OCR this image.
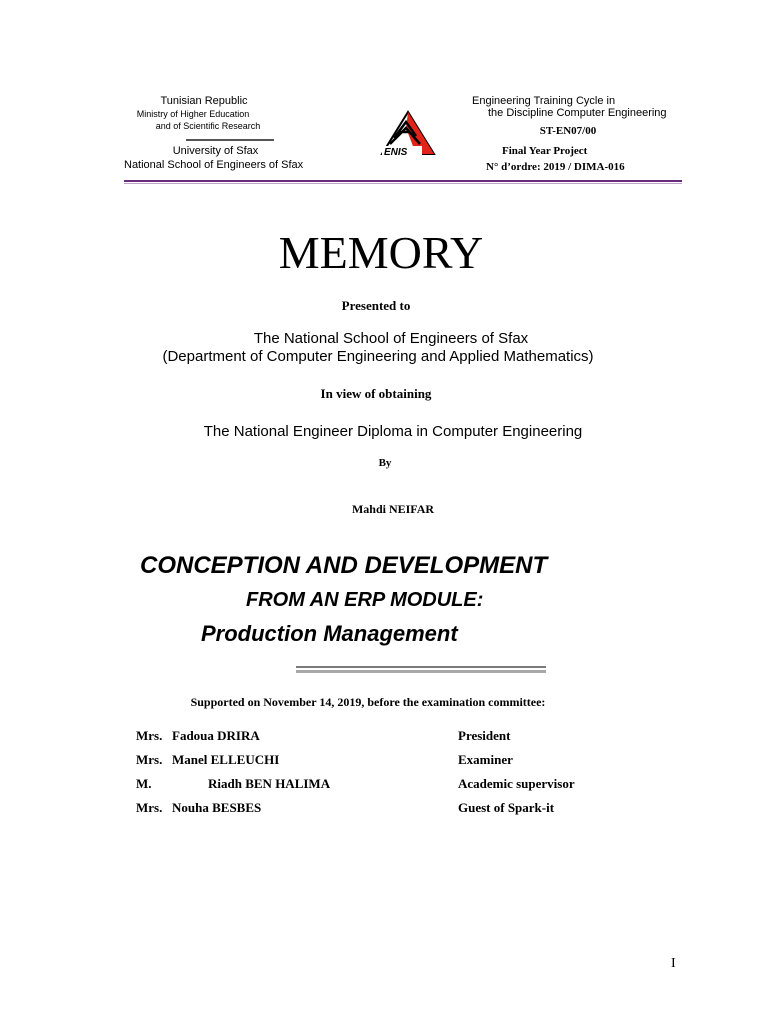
Tunisian Republic
Ministry of Higher Education
and of Scientific Research
University of Sfax
National School of Engineers of Sfax
ENIS
Engineering Training Cycle in
the Discipline Computer Engineering
ST-EN07/00
Final Year Project
N° d’ordre: 2019 / DIMA-016
MEMORY
Presented to
The National School of Engineers of Sfax
(Department of Computer Engineering and Applied Mathematics)
In view of obtaining
The National Engineer Diploma in Computer Engineering
By
Mahdi NEIFAR
CONCEPTION AND DEVELOPMENT
FROM AN ERP MODULE:
Production Management
Supported on November 14, 2019, before the examination committee:
Mrs. Fadoua DRIRA	President
Mrs. Manel ELLEUCHI	Examiner
M.	Riadh BEN HALIMA	Academic supervisor
Mrs. Nouha BESBES	Guest of Spark-it
I
